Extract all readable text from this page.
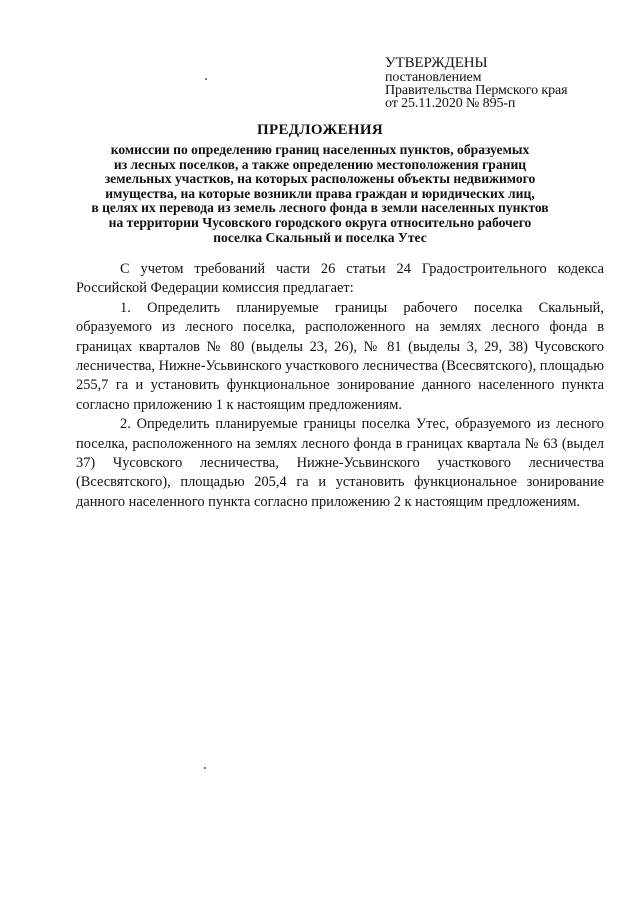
УТВЕРЖДЕНЫ
постановлением
Правительства Пермского края
от 25.11.2020 № 895-п
ПРЕДЛОЖЕНИЯ
комиссии по определению границ населенных пунктов, образуемых
из лесных поселков, а также определению местоположения границ
земельных участков, на которых расположены объекты недвижимого
имущества, на которые возникли права граждан и юридических лиц,
в целях их перевода из земель лесного фонда в земли населенных пунктов
на территории Чусовского городского округа относительно рабочего
поселка Скальный и поселка Утес

С учетом требований части 26 статьи 24 Градостроительного кодекса Российской Федерации комиссия предлагает:

1. Определить планируемые границы рабочего поселка Скальный, образуемого из лесного поселка, расположенного на землях лесного фонда в границах кварталов № 80 (выделы 23, 26), № 81 (выделы 3, 29, 38) Чусовского лесничества, Нижне-Усьвинского участкового лесничества (Всесвятского), площадью 255,7 га и установить функциональное зонирование данного населенного пункта согласно приложению 1 к настоящим предложениям.

2. Определить планируемые границы поселка Утес, образуемого из лесного поселка, расположенного на землях лесного фонда в границах квартала № 63 (выдел 37) Чусовского лесничества, Нижне-Усьвинского участкового лесничества (Всесвятского), площадью 205,4 га и установить функциональное зонирование данного населенного пункта согласно приложению 2 к настоящим предложениям.
